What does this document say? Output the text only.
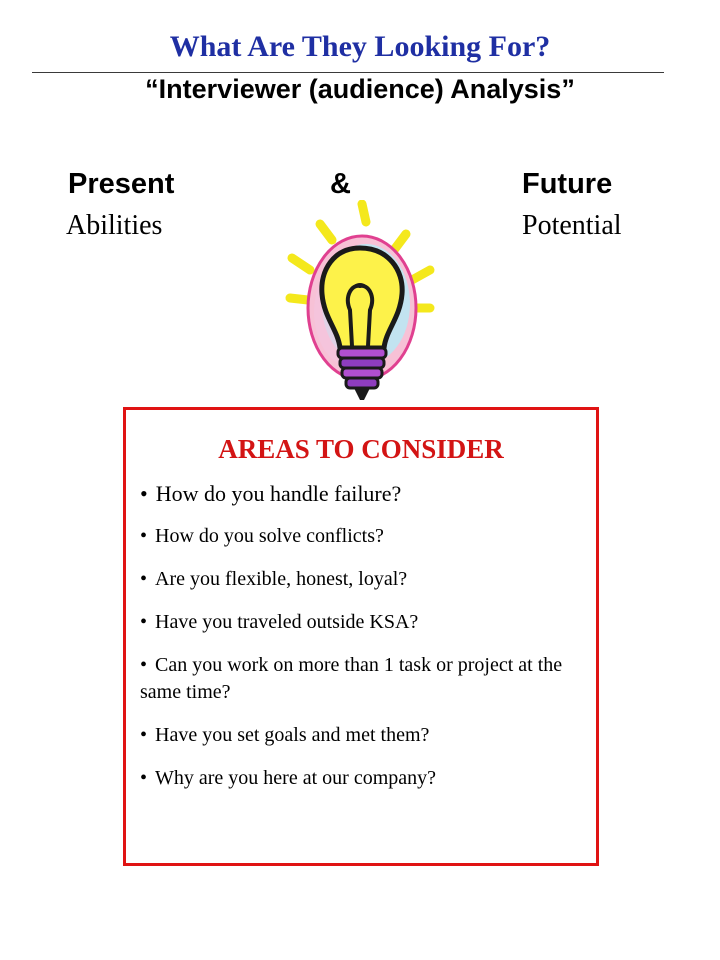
What Are They Looking For?
“Interviewer (audience) Analysis”
Present	&	Future
Abilities	Potential
AREAS TO CONSIDER
• How do you handle failure?
• How do you solve conflicts?
• Are you flexible, honest, loyal?
• Have you traveled outside KSA?
• Can you work on more than 1 task or project at the same time?
• Have you set goals and met them?
• Why are you here at our company?
